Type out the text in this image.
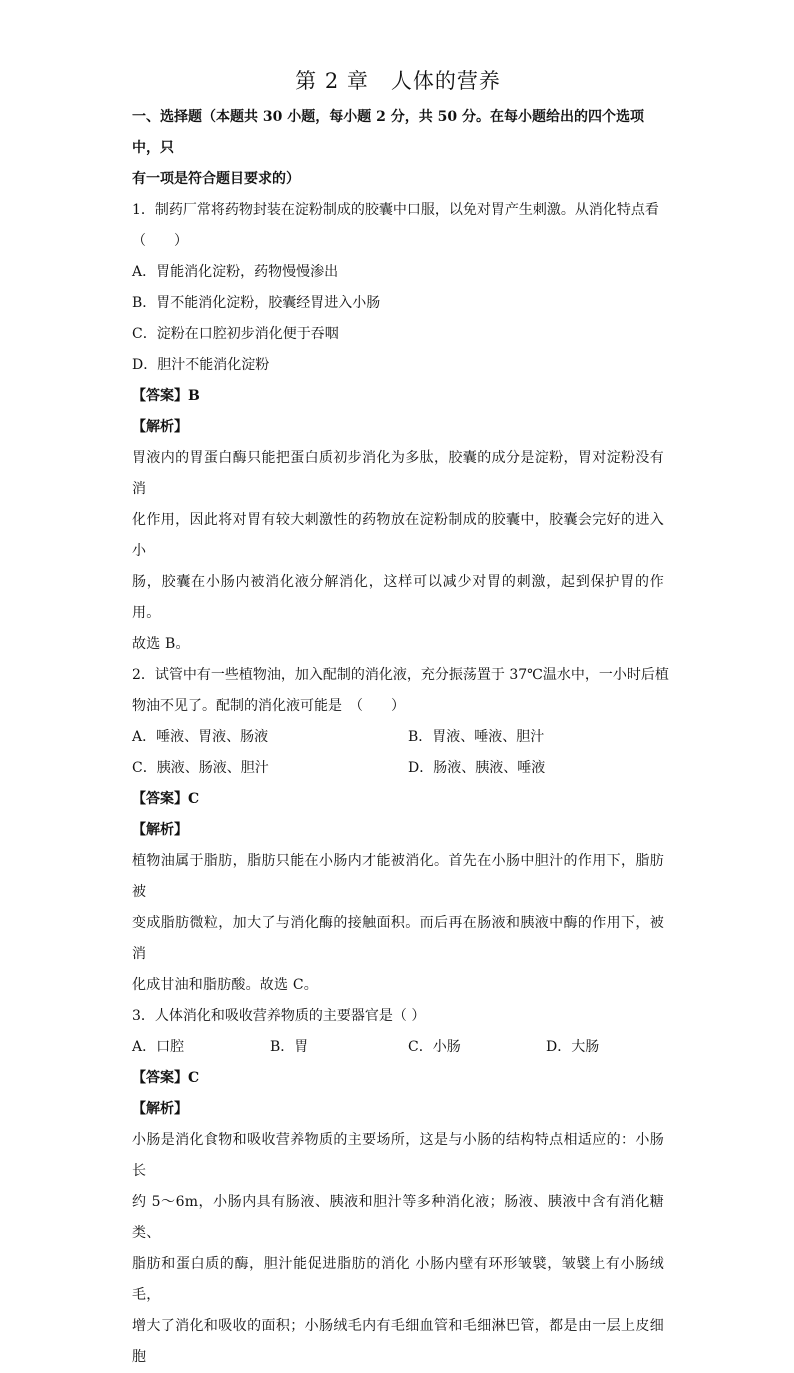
第 2 章　人体的营养
一、选择题（本题共 30 小题，每小题 2 分，共 50 分。在每小题给出的四个选项中，只
有一项是符合题目要求的）
1．制药厂常将药物封装在淀粉制成的胶囊中口服，以免对胃产生刺激。从消化特点看
（　　）
A．胃能消化淀粉，药物慢慢渗出
B．胃不能消化淀粉，胶囊经胃进入小肠
C．淀粉在口腔初步消化便于吞咽
D．胆汁不能消化淀粉
【答案】B
【解析】
胃液内的胃蛋白酶只能把蛋白质初步消化为多肽，胶囊的成分是淀粉，胃对淀粉没有消
化作用，因此将对胃有较大刺激性的药物放在淀粉制成的胶囊中，胶囊会完好的进入小
肠，胶囊在小肠内被消化液分解消化，这样可以减少对胃的刺激，起到保护胃的作用。
故选 B。
2．试管中有一些植物油，加入配制的消化液，充分振荡置于 37℃温水中，一小时后植
物油不见了。配制的消化液可能是　（　　）
A．唾液、胃液、肠液	B．胃液、唾液、胆汁
C．胰液、肠液、胆汁	D．肠液、胰液、唾液
【答案】C
【解析】
植物油属于脂肪，脂肪只能在小肠内才能被消化。首先在小肠中胆汁的作用下，脂肪被
变成脂肪微粒，加大了与消化酶的接触面积。而后再在肠液和胰液中酶的作用下，被消
化成甘油和脂肪酸。故选 C。
3．人体消化和吸收营养物质的主要器官是（ ）
A．口腔	B．胃	C．小肠	D．大肠
【答案】C
【解析】
小肠是消化食物和吸收营养物质的主要场所，这是与小肠的结构特点相适应的：小肠长
约 5～6m，小肠内具有肠液、胰液和胆汁等多种消化液；肠液、胰液中含有消化糖类、
脂肪和蛋白质的酶，胆汁能促进脂肪的消化 小肠内壁有环形皱襞，皱襞上有小肠绒毛，
增大了消化和吸收的面积；小肠绒毛内有毛细血管和毛细淋巴管，都是由一层上皮细胞
